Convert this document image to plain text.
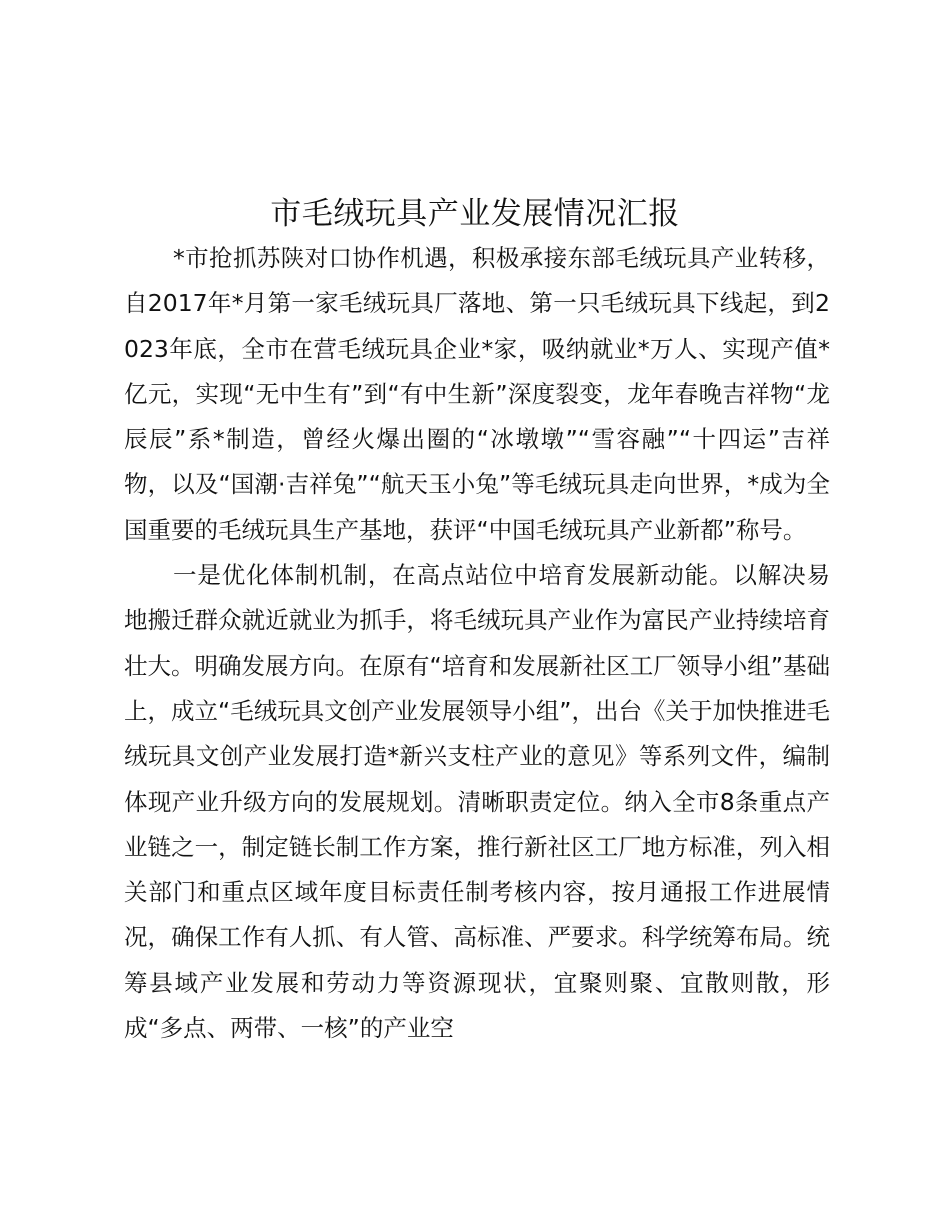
市毛绒玩具产业发展情况汇报

*市抢抓苏陕对口协作机遇，积极承接东部毛绒玩具产业转移，自2017年*月第一家毛绒玩具厂落地、第一只毛绒玩具下线起，到2023年底，全市在营毛绒玩具企业*家，吸纳就业*万人、实现产值*亿元，实现“无中生有”到“有中生新”深度裂变，龙年春晚吉祥物“龙辰辰”系*制造，曾经火爆出圈的“冰墩墩”“雪容融”“十四运”吉祥物，以及“国潮·吉祥兔”“航天玉小兔”等毛绒玩具走向世界，*成为全国重要的毛绒玩具生产基地，获评“中国毛绒玩具产业新都”称号。

一是优化体制机制，在高点站位中培育发展新动能。以解决易地搬迁群众就近就业为抓手，将毛绒玩具产业作为富民产业持续培育壮大。明确发展方向。在原有“培育和发展新社区工厂领导小组”基础上，成立“毛绒玩具文创产业发展领导小组”，出台《关于加快推进毛绒玩具文创产业发展打造*新兴支柱产业的意见》等系列文件，编制体现产业升级方向的发展规划。清晰职责定位。纳入全市8条重点产业链之一，制定链长制工作方案，推行新社区工厂地方标准，列入相关部门和重点区域年度目标责任制考核内容，按月通报工作进展情况，确保工作有人抓、有人管、高标准、严要求。科学统筹布局。统筹县域产业发展和劳动力等资源现状，宜聚则聚、宜散则散，形成“多点、两带、一核”的产业空
